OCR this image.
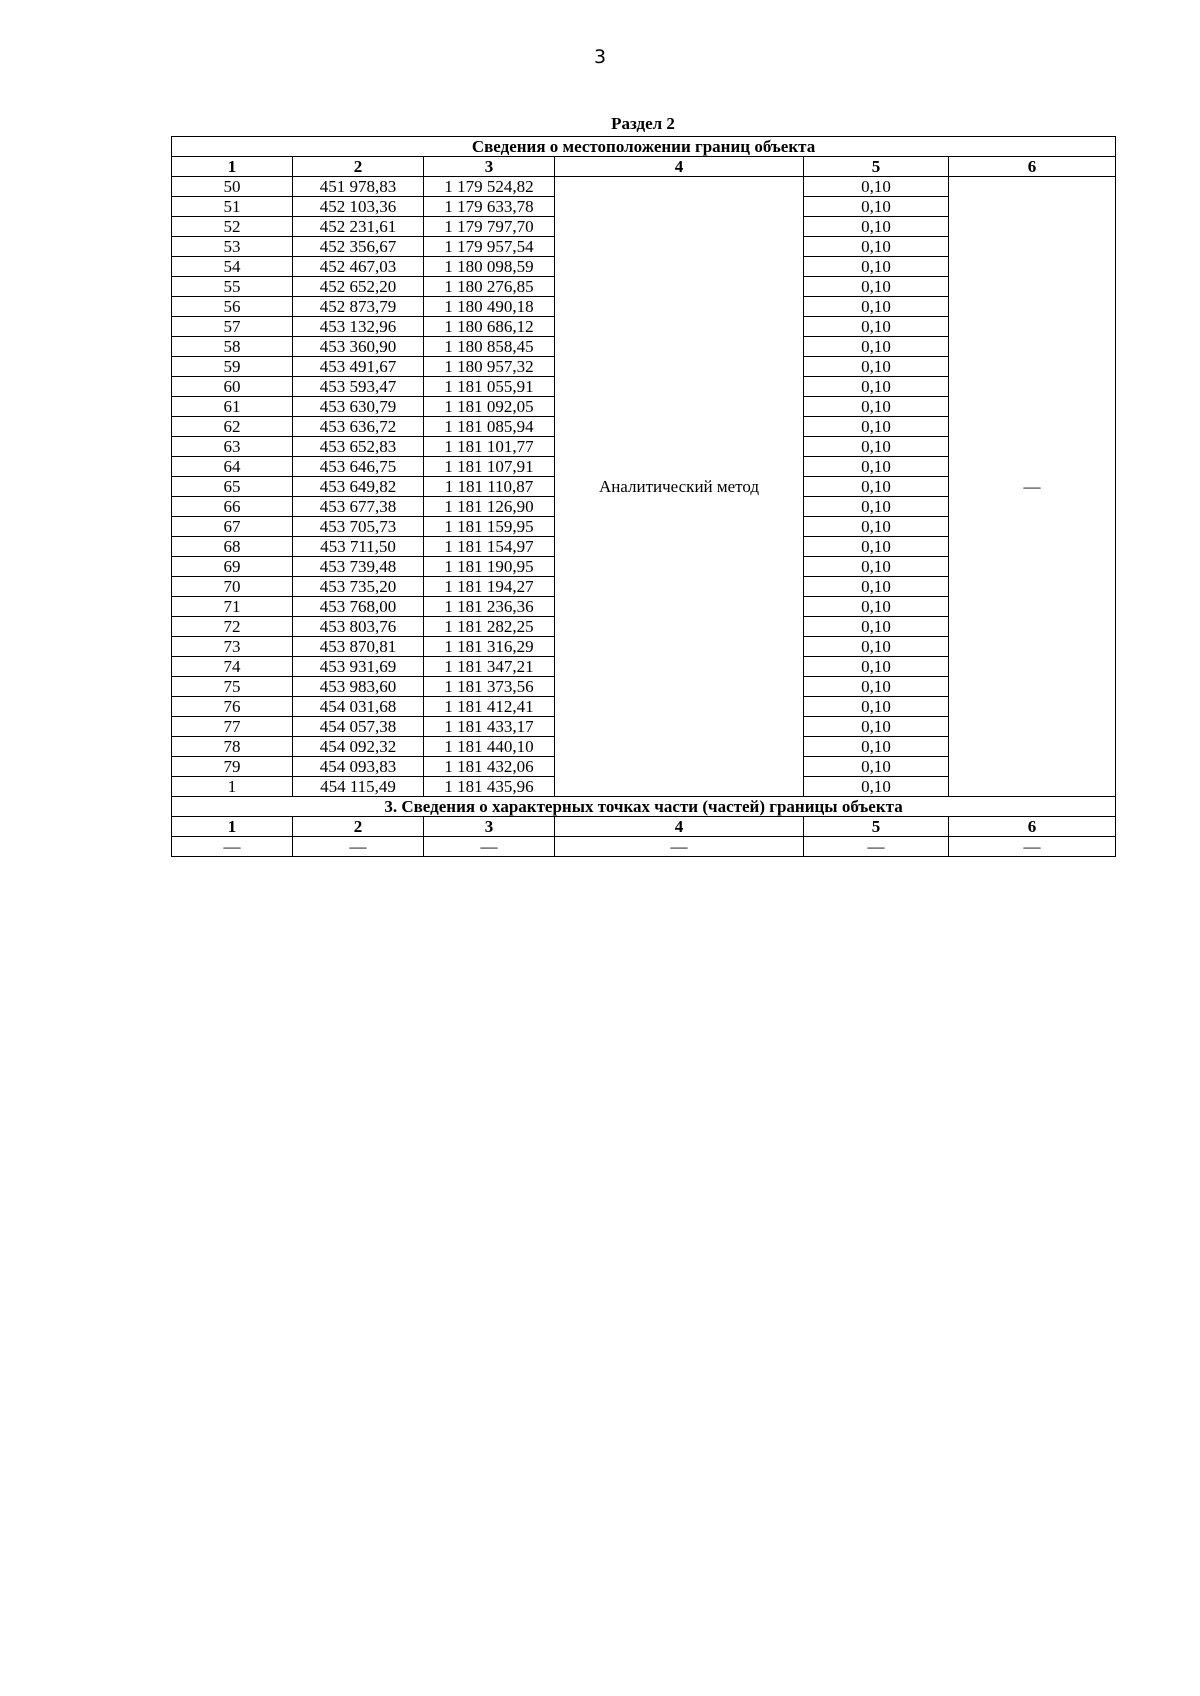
3
Раздел 2
Сведения о местоположении границ объекта					
1	2	3	4	5	6
50	451 978,83	1 179 524,82	Аналитический метод	0,10	—
51	452 103,36	1 179 633,78		0,10	
52	452 231,61	1 179 797,70		0,10	
53	452 356,67	1 179 957,54		0,10	
54	452 467,03	1 180 098,59		0,10	
55	452 652,20	1 180 276,85		0,10	
56	452 873,79	1 180 490,18		0,10	
57	453 132,96	1 180 686,12		0,10	
58	453 360,90	1 180 858,45		0,10	
59	453 491,67	1 180 957,32		0,10	
60	453 593,47	1 181 055,91		0,10	
61	453 630,79	1 181 092,05		0,10	
62	453 636,72	1 181 085,94		0,10	
63	453 652,83	1 181 101,77		0,10	
64	453 646,75	1 181 107,91		0,10	
65	453 649,82	1 181 110,87		0,10	
66	453 677,38	1 181 126,90		0,10	
67	453 705,73	1 181 159,95		0,10	
68	453 711,50	1 181 154,97		0,10	
69	453 739,48	1 181 190,95		0,10	
70	453 735,20	1 181 194,27		0,10	
71	453 768,00	1 181 236,36		0,10	
72	453 803,76	1 181 282,25		0,10	
73	453 870,81	1 181 316,29		0,10	
74	453 931,69	1 181 347,21		0,10	
75	453 983,60	1 181 373,56		0,10	
76	454 031,68	1 181 412,41		0,10	
77	454 057,38	1 181 433,17		0,10	
78	454 092,32	1 181 440,10		0,10	
79	454 093,83	1 181 432,06		0,10	
1	454 115,49	1 181 435,96		0,10	
3. Сведения о характерных точках части (частей) границы объекта					
1	2	3	4	5	6
—	—	—	—	—	—
